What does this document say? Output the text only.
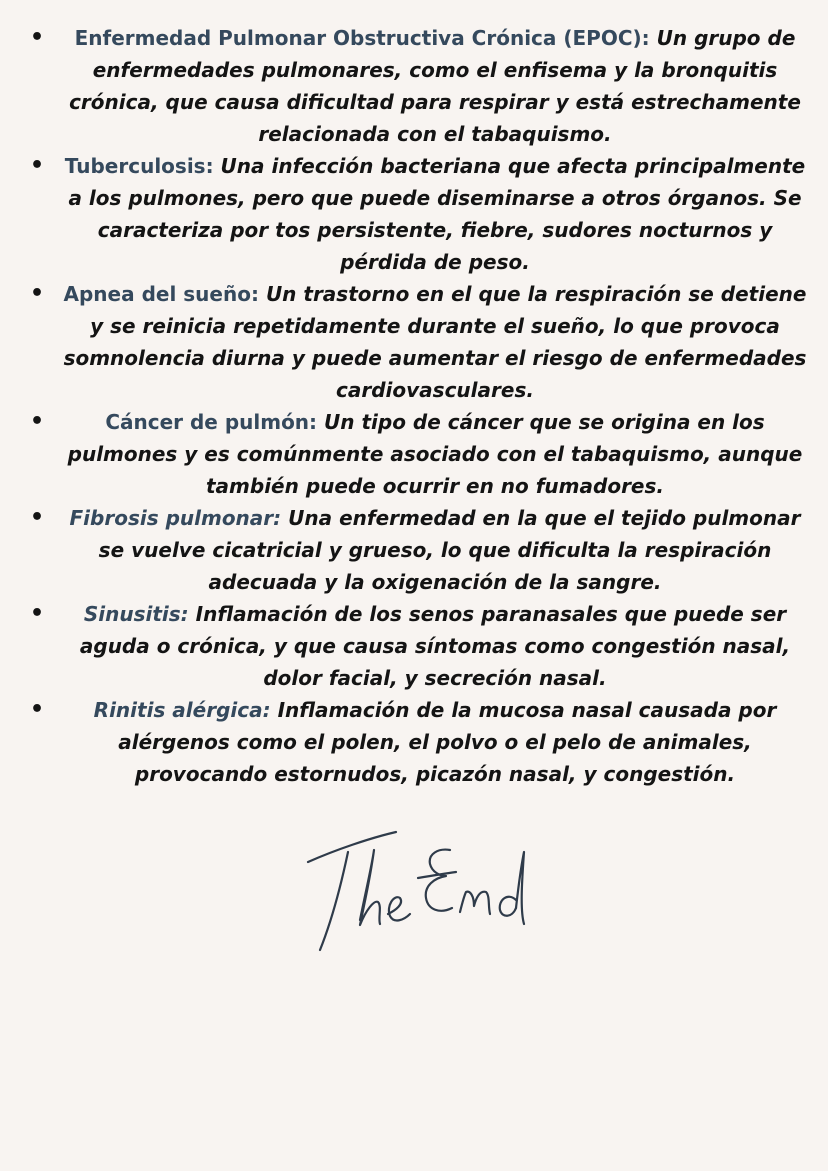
• Enfermedad Pulmonar Obstructiva Crónica (EPOC): Un grupo de enfermedades pulmonares, como el enfisema y la bronquitis crónica, que causa dificultad para respirar y está estrechamente relacionada con el tabaquismo.
• Tuberculosis: Una infección bacteriana que afecta principalmente a los pulmones, pero que puede diseminarse a otros órganos. Se caracteriza por tos persistente, fiebre, sudores nocturnos y pérdida de peso.
• Apnea del sueño: Un trastorno en el que la respiración se detiene y se reinicia repetidamente durante el sueño, lo que provoca somnolencia diurna y puede aumentar el riesgo de enfermedades cardiovasculares.
•	Cáncer de pulmón: Un tipo de cáncer que se origina en los pulmones y es comúnmente asociado con el tabaquismo, aunque también puede ocurrir en no fumadores.
• Fibrosis pulmonar: Una enfermedad en la que el tejido pulmonar se vuelve cicatricial y grueso, lo que dificulta la respiración adecuada y la oxigenación de la sangre.
• Sinusitis: Inflamación de los senos paranasales que puede ser aguda o crónica, y que causa síntomas como congestión nasal, dolor facial, y secreción nasal.
• Rinitis alérgica: Inflamación de la mucosa nasal causada por alérgenos como el polen, el polvo o el pelo de animales, provocando estornudos, picazón nasal, y congestión.
